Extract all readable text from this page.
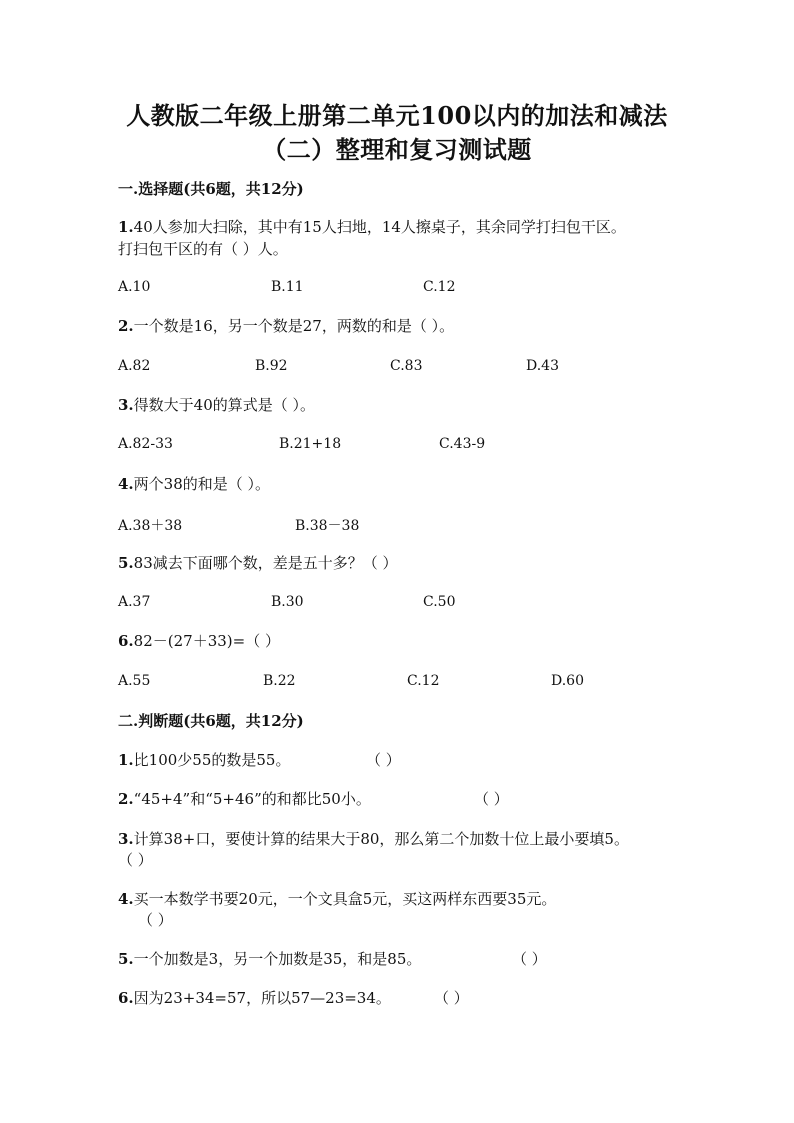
人教版二年级上册第二单元100以内的加法和减法
（二）整理和复习测试题
一.选择题(共6题，共12分)
1.40人参加大扫除，其中有15人扫地，14人擦桌子，其余同学打扫包干区。
打扫包干区的有（ ）人。
A.10	B.11	C.12
2.一个数是16，另一个数是27，两数的和是（ ）。
A.82	B.92	C.83	D.43
3.得数大于40的算式是（ ）。
A.82-33	B.21+18	C.43-9
4.两个38的和是（ ）。
A.38＋38	B.38－38
5.83减去下面哪个数，差是五十多？（ ）
A.37	B.30	C.50
6.82－(27＋33)=（ ）
A.55	B.22	C.12	D.60
二.判断题(共6题，共12分)
1.比100少55的数是55。	（ ）
2.“45+4”和“5+46”的和都比50小。	（ ）
3.计算38+口，要使计算的结果大于80，那么第二个加数十位上最小要填5。
（ ）
4.买一本数学书要20元，一个文具盒5元，买这两样东西要35元。
（ ）
5.一个加数是3，另一个加数是35，和是85。	（ ）
6.因为23+34=57，所以57—23=34。	（ ）
